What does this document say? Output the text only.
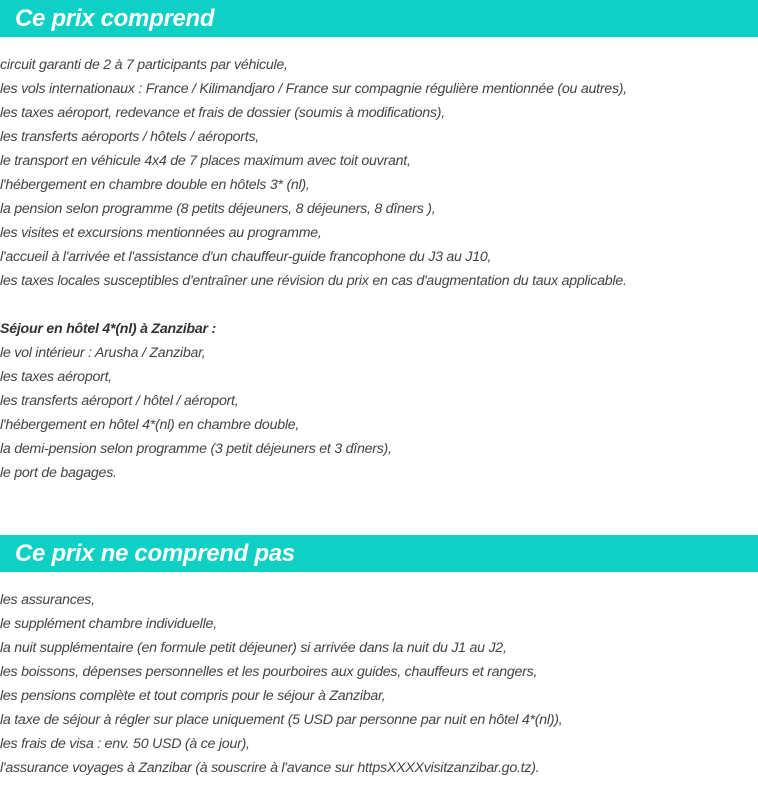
Ce prix comprend
circuit garanti de 2 à 7 participants par véhicule,
les vols internationaux : France / Kilimandjaro / France sur compagnie régulière mentionnée (ou autres),
les taxes aéroport, redevance et frais de dossier (soumis à modifications),
les transferts aéroports / hôtels / aéroports,
le transport en véhicule 4x4 de 7 places maximum avec toit ouvrant,
l'hébergement en chambre double en hôtels 3* (nl),
la pension selon programme (8 petits déjeuners, 8 déjeuners, 8 dîners ),
les visites et excursions mentionnées au programme,
l'accueil à l'arrivée et l'assistance d'un chauffeur-guide francophone du J3 au J10,
les taxes locales susceptibles d'entraîner une révision du prix en cas d'augmentation du taux applicable.
Séjour en hôtel 4*(nl) à Zanzibar :
le vol intérieur : Arusha / Zanzibar,
les taxes aéroport,
les transferts aéroport / hôtel / aéroport,
l'hébergement en hôtel 4*(nl) en chambre double,
la demi-pension selon programme (3 petit déjeuners et 3 dîners),
le port de bagages.
Ce prix ne comprend pas
les assurances,
le supplément chambre individuelle,
la nuit supplémentaire (en formule petit déjeuner) si arrivée dans la nuit du J1 au J2,
les boissons, dépenses personnelles et les pourboires aux guides, chauffeurs et rangers,
les pensions complète et tout compris pour le séjour à Zanzibar,
la taxe de séjour à régler sur place uniquement (5 USD par personne par nuit en hôtel 4*(nl)),
les frais de visa : env. 50 USD (à ce jour),
l'assurance voyages à Zanzibar (à souscrire à l'avance sur httpsXXXXvisitzanzibar.go.tz).
